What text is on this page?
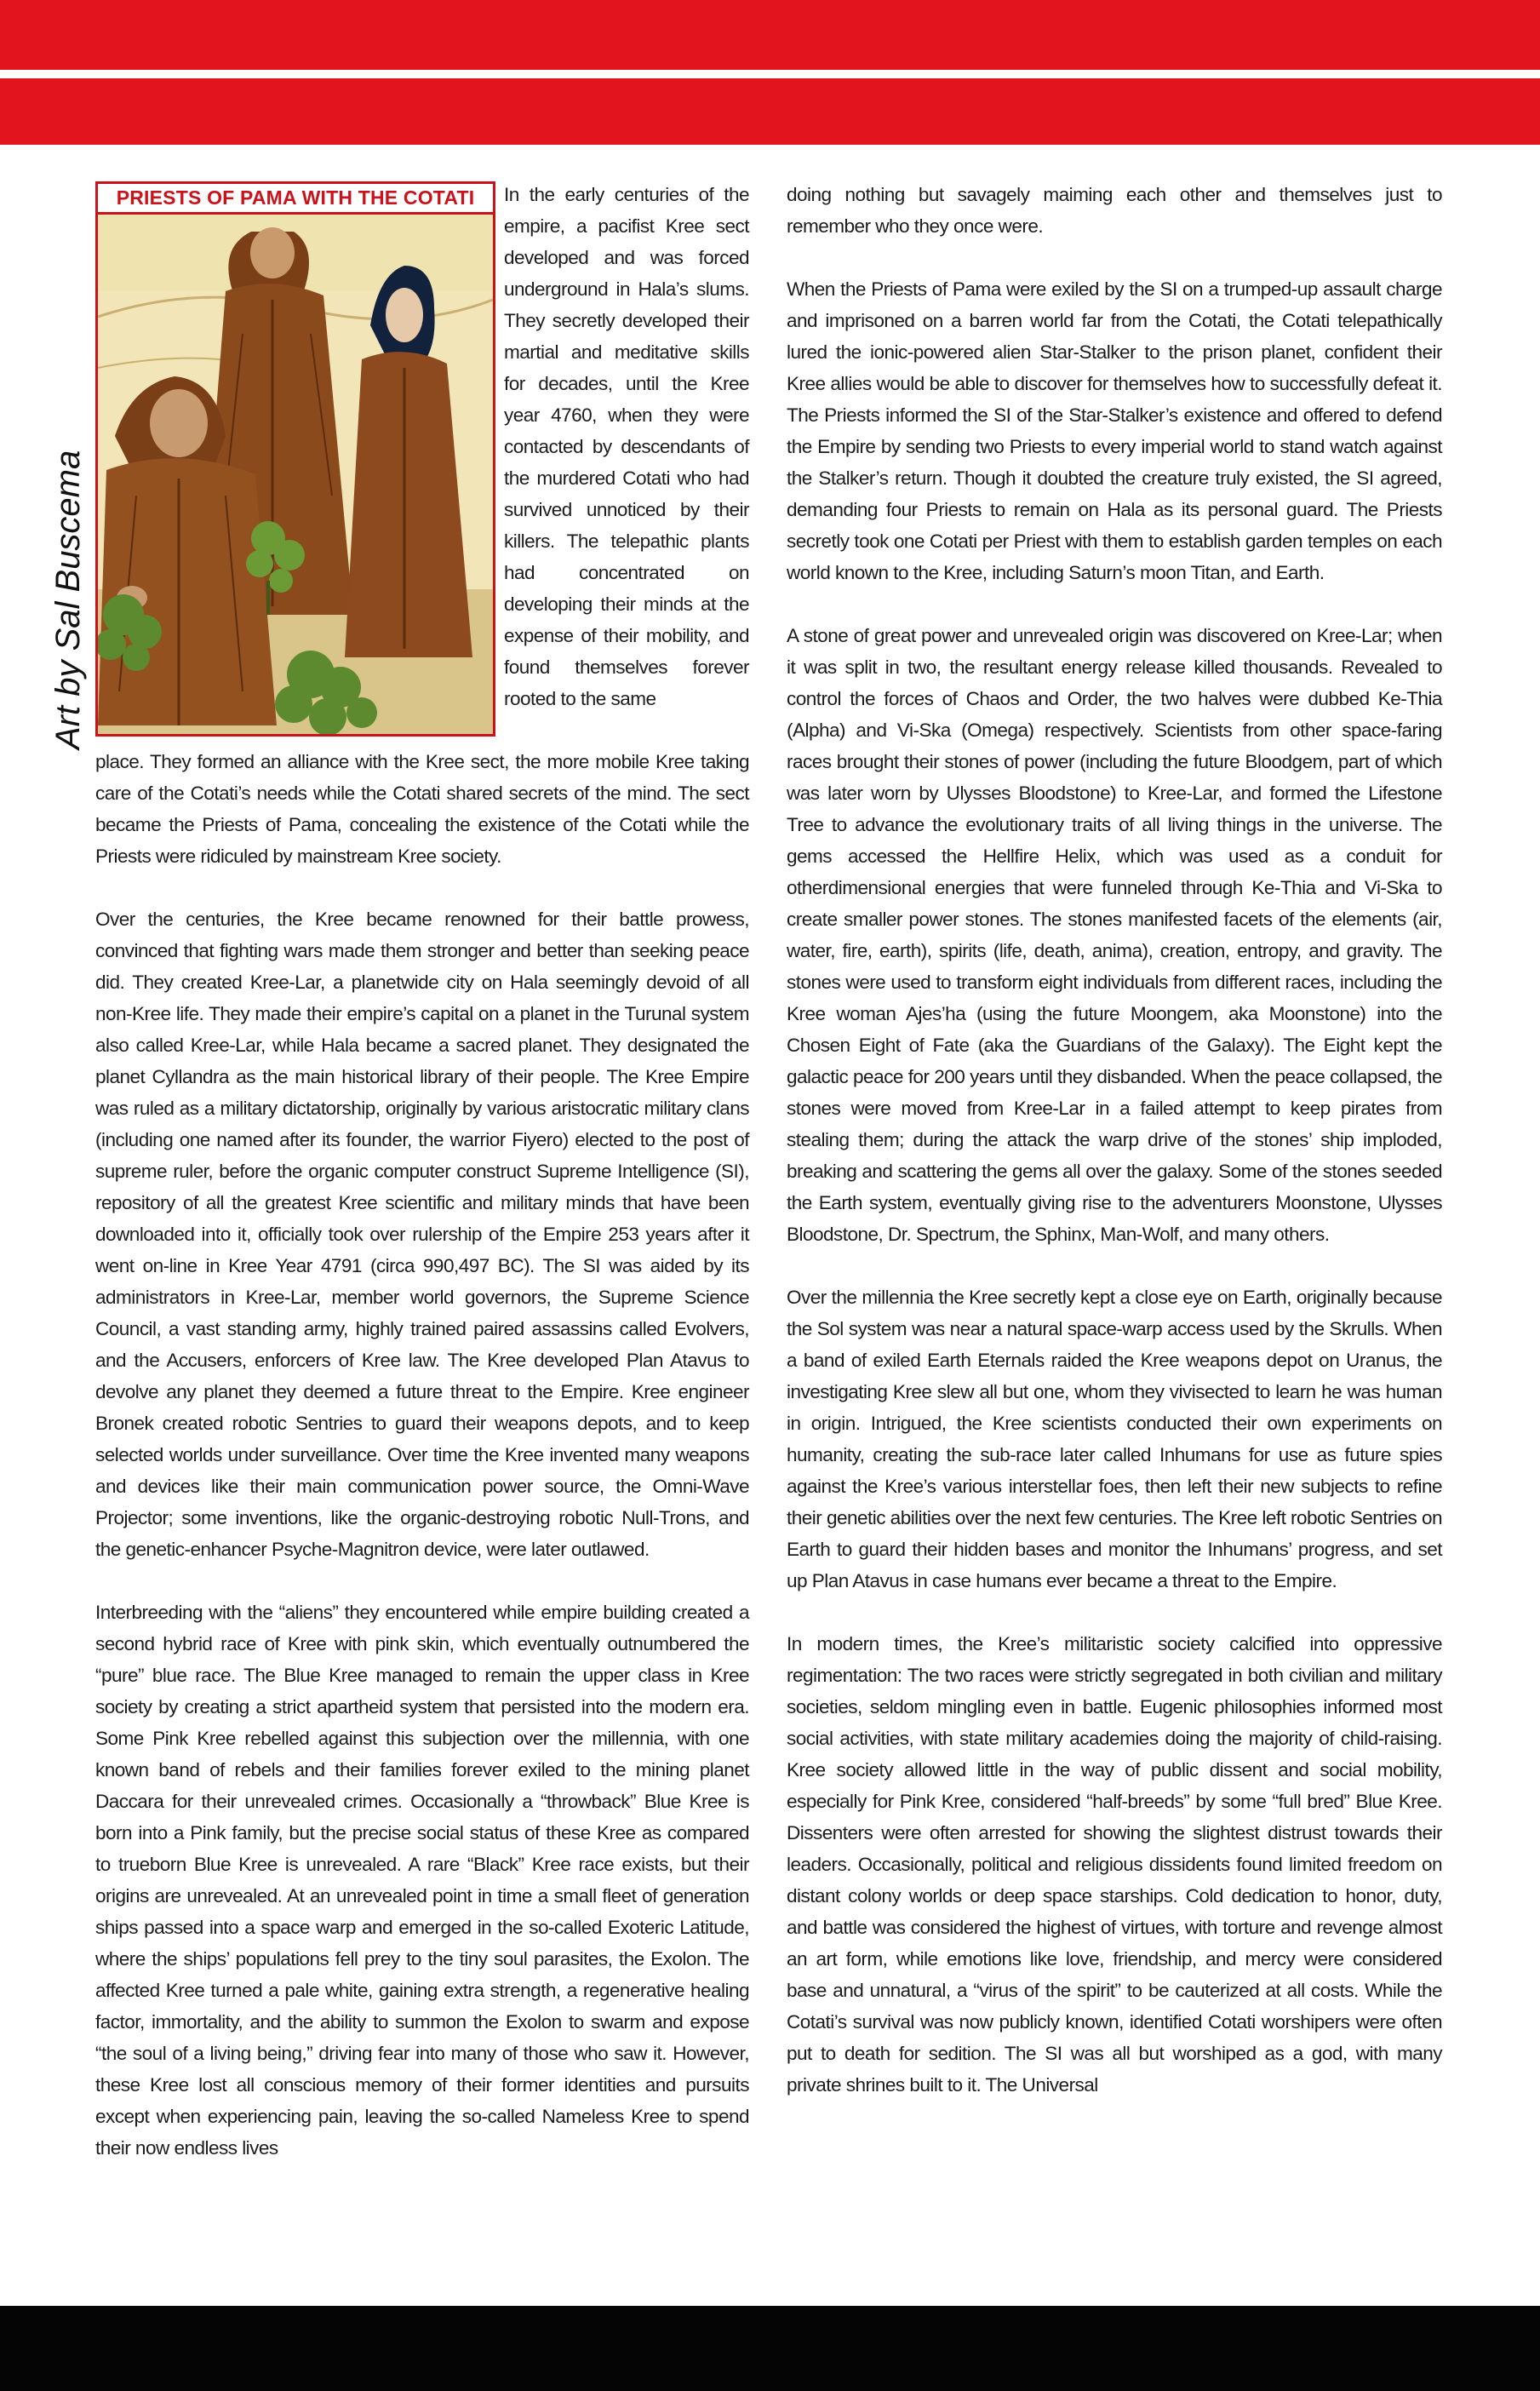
Art by Sal Buscema
PRIESTS OF PAMA WITH THE COTATI	In the early centuries of the empire, a pacifist Kree sect developed and was forced underground in Hala’s slums. They secretly developed their martial and meditative skills for decades, until the Kree year 4760, when they were contacted by descendants of the murdered Cotati who had survived unnoticed by their killers. The telepathic plants had concentrated on developing their minds at the expense of their mobility, and found themselves forever rooted to the same

place. They formed an alliance with the Kree sect, the more mobile Kree taking care of the Cotati’s needs while the Cotati shared secrets of the mind. The sect became the Priests of Pama, concealing the existence of the Cotati while the Priests were ridiculed by mainstream Kree society.

Over the centuries, the Kree became renowned for their battle prowess, convinced that fighting wars made them stronger and better than seeking peace did. They created Kree-Lar, a planetwide city on Hala seemingly devoid of all non-Kree life. They made their empire’s capital on a planet in the Turunal system also called Kree-Lar, while Hala became a sacred planet. They designated the planet Cyllandra as the main historical library of their people. The Kree Empire was ruled as a military dictatorship, originally by various aristocratic military clans (including one named after its founder, the warrior Fiyero) elected to the post of supreme ruler, before the organic computer construct Supreme Intelligence (SI), repository of all the greatest Kree scientific and military minds that have been downloaded into it, officially took over rulership of the Empire 253 years after it went on-line in Kree Year 4791 (circa 990,497 BC). The SI was aided by its administrators in Kree-Lar, member world governors, the Supreme Science Council, a vast standing army, highly trained paired assassins called Evolvers, and the Accusers, enforcers of Kree law. The Kree developed Plan Atavus to devolve any planet they deemed a future threat to the Empire. Kree engineer Bronek created robotic Sentries to guard their weapons depots, and to keep selected worlds under surveillance. Over time the Kree invented many weapons and devices like their main communication power source, the Omni-Wave Projector; some inventions, like the organic-destroying robotic Null-Trons, and the genetic-enhancer Psyche-Magnitron device, were later outlawed.

Interbreeding with the “aliens” they encountered while empire building created a second hybrid race of Kree with pink skin, which eventually outnumbered the “pure” blue race. The Blue Kree managed to remain the upper class in Kree society by creating a strict apartheid system that persisted into the modern era. Some Pink Kree rebelled against this subjection over the millennia, with one known band of rebels and their families forever exiled to the mining planet Daccara for their unrevealed crimes. Occasionally a “throwback” Blue Kree is born into a Pink family, but the precise social status of these Kree as compared to trueborn Blue Kree is unrevealed. A rare “Black” Kree race exists, but their origins are unrevealed. At an unrevealed point in time a small fleet of generation ships passed into a space warp and emerged in the so-called Exoteric Latitude, where the ships’ populations fell prey to the tiny soul parasites, the Exolon. The affected Kree turned a pale white, gaining extra strength, a regenerative healing factor, immortality, and the ability to summon the Exolon to swarm and expose “the soul of a living being,” driving fear into many of those who saw it. However, these Kree lost all conscious memory of their former identities and pursuits except when experiencing pain, leaving the so-called Nameless Kree to spend their now endless lives

doing nothing but savagely maiming each other and themselves just to remember who they once were.

When the Priests of Pama were exiled by the SI on a trumped-up assault charge and imprisoned on a barren world far from the Cotati, the Cotati telepathically lured the ionic-powered alien Star-Stalker to the prison planet, confident their Kree allies would be able to discover for themselves how to successfully defeat it. The Priests informed the SI of the Star-Stalker’s existence and offered to defend the Empire by sending two Priests to every imperial world to stand watch against the Stalker’s return. Though it doubted the creature truly existed, the SI agreed, demanding four Priests to remain on Hala as its personal guard. The Priests secretly took one Cotati per Priest with them to establish garden temples on each world known to the Kree, including Saturn’s moon Titan, and Earth.

A stone of great power and unrevealed origin was discovered on Kree-Lar; when it was split in two, the resultant energy release killed thousands. Revealed to control the forces of Chaos and Order, the two halves were dubbed Ke-Thia (Alpha) and Vi-Ska (Omega) respectively. Scientists from other space-faring races brought their stones of power (including the future Bloodgem, part of which was later worn by Ulysses Bloodstone) to Kree-Lar, and formed the Lifestone Tree to advance the evolutionary traits of all living things in the universe. The gems accessed the Hellfire Helix, which was used as a conduit for otherdimensional energies that were funneled through Ke-Thia and Vi-Ska to create smaller power stones. The stones manifested facets of the elements (air, water, fire, earth), spirits (life, death, anima), creation, entropy, and gravity. The stones were used to transform eight individuals from different races, including the Kree woman Ajes’ha (using the future Moongem, aka Moonstone) into the Chosen Eight of Fate (aka the Guardians of the Galaxy). The Eight kept the galactic peace for 200 years until they disbanded. When the peace collapsed, the stones were moved from Kree-Lar in a failed attempt to keep pirates from stealing them; during the attack the warp drive of the stones’ ship imploded, breaking and scattering the gems all over the galaxy. Some of the stones seeded the Earth system, eventually giving rise to the adventurers Moonstone, Ulysses Bloodstone, Dr. Spectrum, the Sphinx, Man-Wolf, and many others.

Over the millennia the Kree secretly kept a close eye on Earth, originally because the Sol system was near a natural space-warp access used by the Skrulls. When a band of exiled Earth Eternals raided the Kree weapons depot on Uranus, the investigating Kree slew all but one, whom they vivisected to learn he was human in origin. Intrigued, the Kree scientists conducted their own experiments on humanity, creating the sub-race later called Inhumans for use as future spies against the Kree’s various interstellar foes, then left their new subjects to refine their genetic abilities over the next few centuries. The Kree left robotic Sentries on Earth to guard their hidden bases and monitor the Inhumans’ progress, and set up Plan Atavus in case humans ever became a threat to the Empire.

In modern times, the Kree’s militaristic society calcified into oppressive regimentation: The two races were strictly segregated in both civilian and military societies, seldom mingling even in battle. Eugenic philosophies informed most social activities, with state military academies doing the majority of child-raising. Kree society allowed little in the way of public dissent and social mobility, especially for Pink Kree, considered “half-breeds” by some “full bred” Blue Kree. Dissenters were often arrested for showing the slightest distrust towards their leaders. Occasionally, political and religious dissidents found limited freedom on distant colony worlds or deep space starships. Cold dedication to honor, duty, and battle was considered the highest of virtues, with torture and revenge almost an art form, while emotions like love, friendship, and mercy were considered base and unnatural, a “virus of the spirit” to be cauterized at all costs. While the Cotati’s survival was now publicly known, identified Cotati worshipers were often put to death for sedition. The SI was all but worshiped as a god, with many private shrines built to it. The Universal
